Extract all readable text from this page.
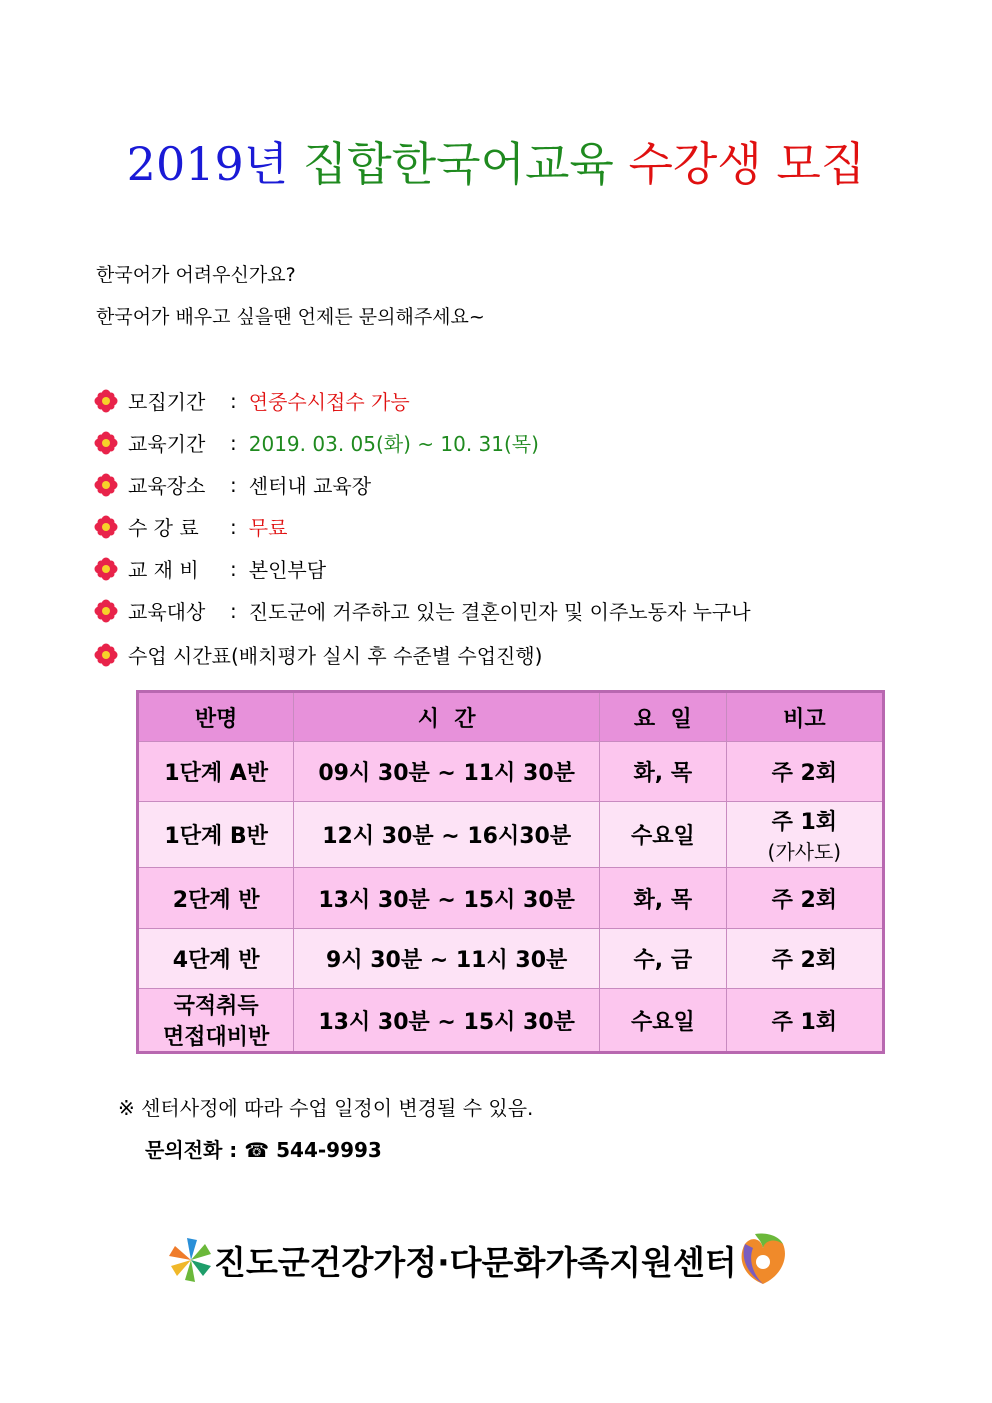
2019년 집합한국어교육 수강생 모집
한국어가 어려우신가요?
한국어가 배우고 싶을땐 언제든 문의해주세요~
모집기간	: 연중수시접수 가능
교육기간	: 2019. 03. 05(화) ~ 10. 31(목)
교육장소	: 센터내 교육장
수 강 료	: 무료
교 재 비	: 본인부담
교육대상	: 진도군에 거주하고 있는 결혼이민자 및 이주노동자 누구나
수업 시간표(배치평가 실시 후 수준별 수업진행)
반명	시  간	요  일	비고
1단계 A반	09시 30분 ~ 11시 30분	화, 목	주 2회
1단계 B반	12시 30분 ~ 16시30분	수요일	주 1회
(가사도)

2단계 반	13시 30분 ~ 15시 30분	화, 목	주 2회
4단계 반	9시 30분 ~ 11시 30분	수, 금	주 2회

국적취득
면접대비반	13시 30분 ~ 15시 30분	수요일	주 1회
※ 센터사정에 따라 수업 일정이 변경될 수 있음.
문의전화 : ☎ 544-9993
진도군건강가정·다문화가족지원센터
